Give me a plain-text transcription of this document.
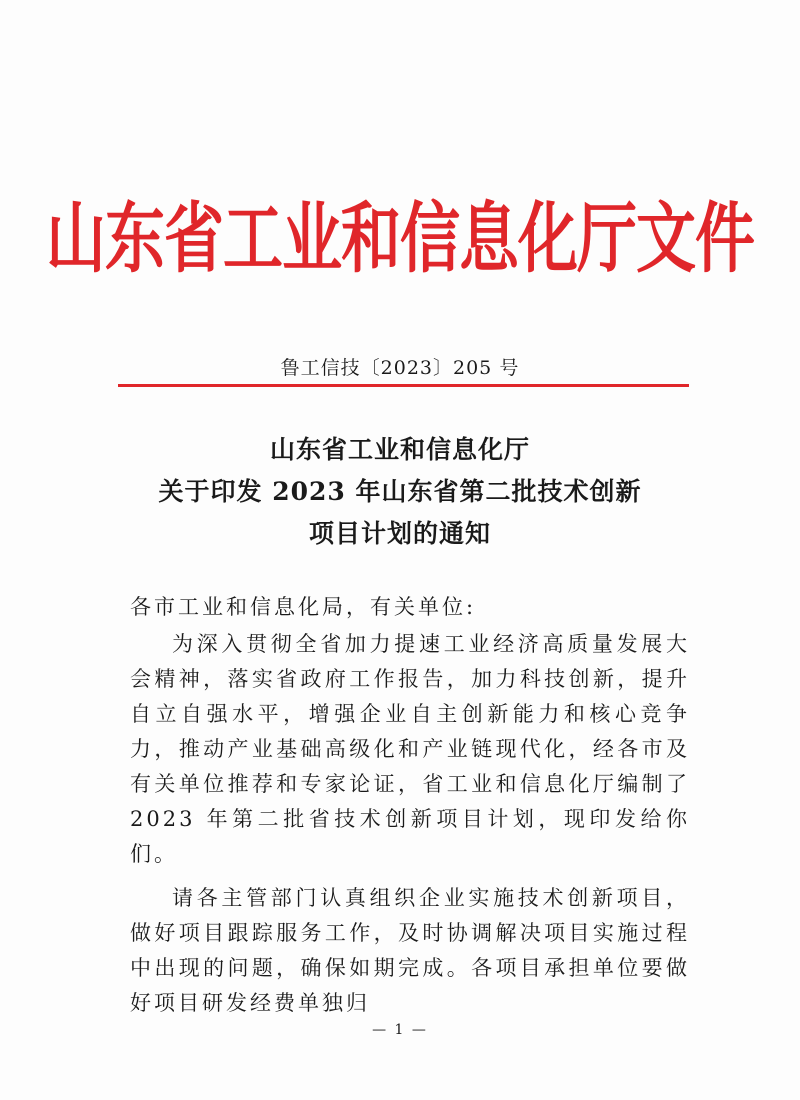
山东省工业和信息化厅文件
鲁工信技〔2023〕205 号
山东省工业和信息化厅
关于印发 2023 年山东省第二批技术创新
项目计划的通知

各市工业和信息化局，有关单位:

为深入贯彻全省加力提速工业经济高质量发展大会精神，落实省政府工作报告，加力科技创新，提升自立自强水平，增强企业自主创新能力和核心竞争力，推动产业基础高级化和产业链现代化，经各市及有关单位推荐和专家论证，省工业和信息化厅编制了 2023 年第二批省技术创新项目计划，现印发给你们。

请各主管部门认真组织企业实施技术创新项目，做好项目跟踪服务工作，及时协调解决项目实施过程中出现的问题，确保如期完成。各项目承担单位要做好项目研发经费单独归

— 1 —
